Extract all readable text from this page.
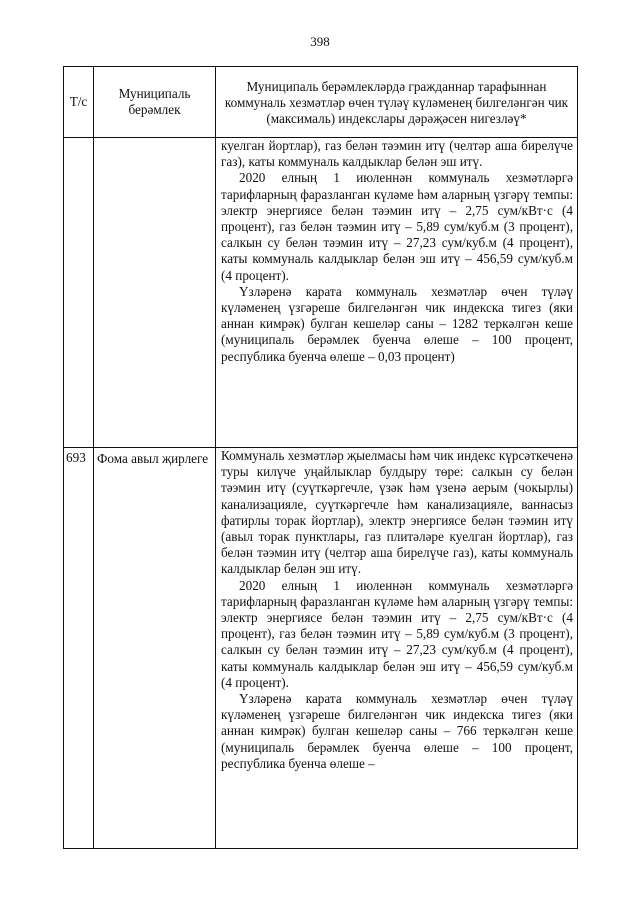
398
Т/с	Муниципаль берәмлек	Муниципаль берәмлекләрдә гражданнар тарафыннан коммуналь хезмәтләр өчен түләү күләменең билгеләнгән чик (максималь) индекслары дәрәҗәсен нигезләү*

		куелган йортлар), газ белән тәэмин итү (челтәр аша бирелүче газ), каты коммуналь калдыклар белән эш итү.

2020 елның 1 июленнән коммуналь хезмәтләргә тарифларның фаразланган күләме һәм аларның үзгәрү темпы: электр энергиясе белән тәэмин итү – 2,75 сум/кВт·с (4 процент), газ белән тәэмин итү – 5,89 сум/куб.м (3 процент), салкын су белән тәэмин итү – 27,23 сум/куб.м (4 процент), каты коммуналь калдыклар белән эш итү – 456,59 сум/куб.м (4 процент).

Үзләренә карата коммуналь хезмәтләр өчен түләү күләменең үзгәреше билгеләнгән чик индекска тигез (яки аннан кимрәк) булган кешеләр саны – 1282 теркәлгән кеше (муниципаль берәмлек буенча өлеше – 100 процент, республика буенча өлеше – 0,03 процент)

693	Фома авыл җирлеге	Коммуналь хезмәтләр җыелмасы һәм чик индекс күрсәткеченә туры килүче уңайлыклар булдыру төре: салкын су белән тәэмин итү (суүткәргечле, үзәк һәм үзенә аерым (чокырлы) канализацияле, суүткәргечле һәм канализацияле, ваннасыз фатирлы торак йортлар), электр энергиясе белән тәэмин итү (авыл торак пунктлары, газ плитәләре куелган йортлар), газ белән тәэмин итү (челтәр аша бирелүче газ), каты коммуналь калдыклар белән эш итү.

2020 елның 1 июленнән коммуналь хезмәтләргә тарифларның фаразланган күләме һәм аларның үзгәрү темпы: электр энергиясе белән тәэмин итү – 2,75 сум/кВт·с (4 процент), газ белән тәэмин итү – 5,89 сум/куб.м (3 процент), салкын су белән тәэмин итү – 27,23 сум/куб.м (4 процент), каты коммуналь калдыклар белән эш итү – 456,59 сум/куб.м (4 процент).

Үзләренә карата коммуналь хезмәтләр өчен түләү күләменең үзгәреше билгеләнгән чик индекска тигез (яки аннан кимрәк) булган кешеләр саны – 766 теркәлгән кеше (муниципаль берәмлек буенча өлеше – 100 процент, республика буенча өлеше –
